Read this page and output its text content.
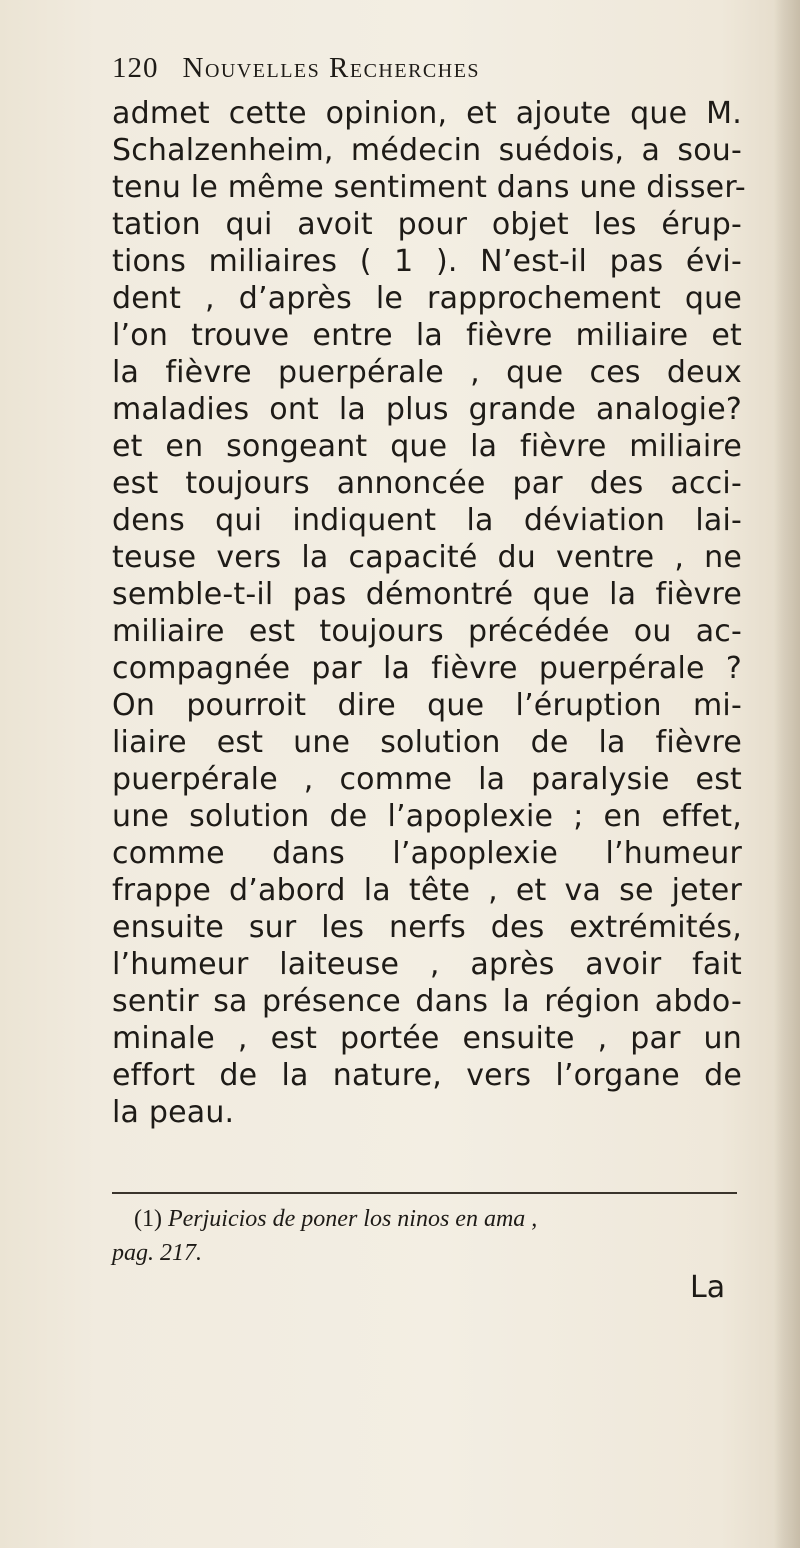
120 Nouvelles Recherches
admet cette opinion, et ajoute que M.
Schalzenheim, médecin suédois, a sou-
tenu le même sentiment dans une disser-
tation qui avoit pour objet les érup-
tions miliaires ( 1 ). N’est-il pas évi-
dent , d’après le rapprochement que
l’on trouve entre la fièvre miliaire et
la fièvre puerpérale , que ces deux
maladies ont la plus grande analogie?
et en songeant que la fièvre miliaire
est toujours annoncée par des acci-
dens qui indiquent la déviation lai-
teuse vers la capacité du ventre , ne
semble-t-il pas démontré que la fièvre
miliaire est toujours précédée ou ac-
compagnée par la fièvre puerpérale ?
On pourroit dire que l’éruption mi-
liaire est une solution de la fièvre
puerpérale , comme la paralysie est
une solution de l’apoplexie ; en effet,
comme dans l’apoplexie l’humeur
frappe d’abord la tête , et va se jeter
ensuite sur les nerfs des extrémités,
l’humeur laiteuse , après avoir fait
sentir sa présence dans la région abdo-
minale , est portée ensuite , par un
effort de la nature, vers l’organe de
la peau.
(1) Perjuicios de poner los ninos en ama ,
pag. 217.
La
